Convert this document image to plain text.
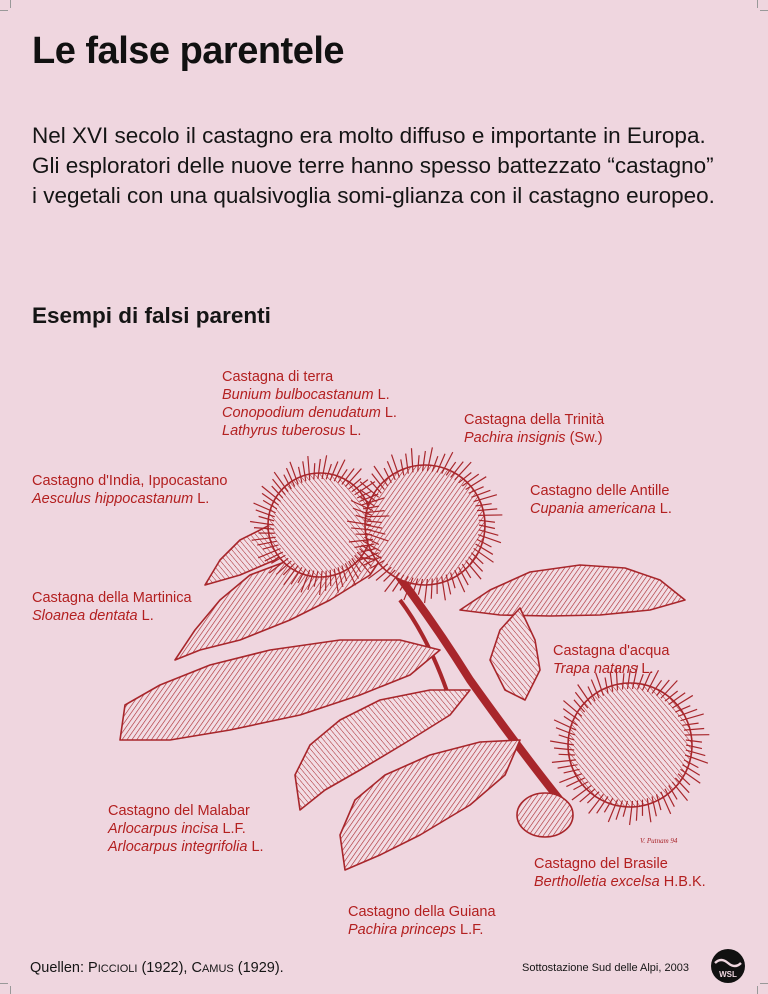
Le false parentele

Nel XVI secolo il castagno era molto diffuso e importante in Europa. Gli esploratori delle nuove terre hanno spesso battezzato “castagno” i vegetali con una qualsivoglia somi-glianza con il castagno europeo.

Esempi di falsi parenti
V. Putnam 94
Castagna di terra
Bunium bulbocastanum L.
Conopodium denudatum L.
Lathyrus tuberosus L.
Castagna della Trinità
Pachira insignis (Sw.)
Castagno d'India, Ippocastano
Aesculus hippocastanum L.	Castagno delle Antille
Cupania americana L.
Castagna della Martinica
Sloanea dentata L.
Castagna d'acqua
Trapa natans L.
Castagno del Malabar
Arlocarpus incisa L.F.
Arlocarpus integrifolia L.
Castagno del Brasile
Bertholletia excelsa H.B.K.
Castagno della Guiana
Pachira princeps L.F.
Quellen: PICCIOLI (1922), CAMUS (1929).	Sottostazione Sud delle Alpi, 2003
WSL
